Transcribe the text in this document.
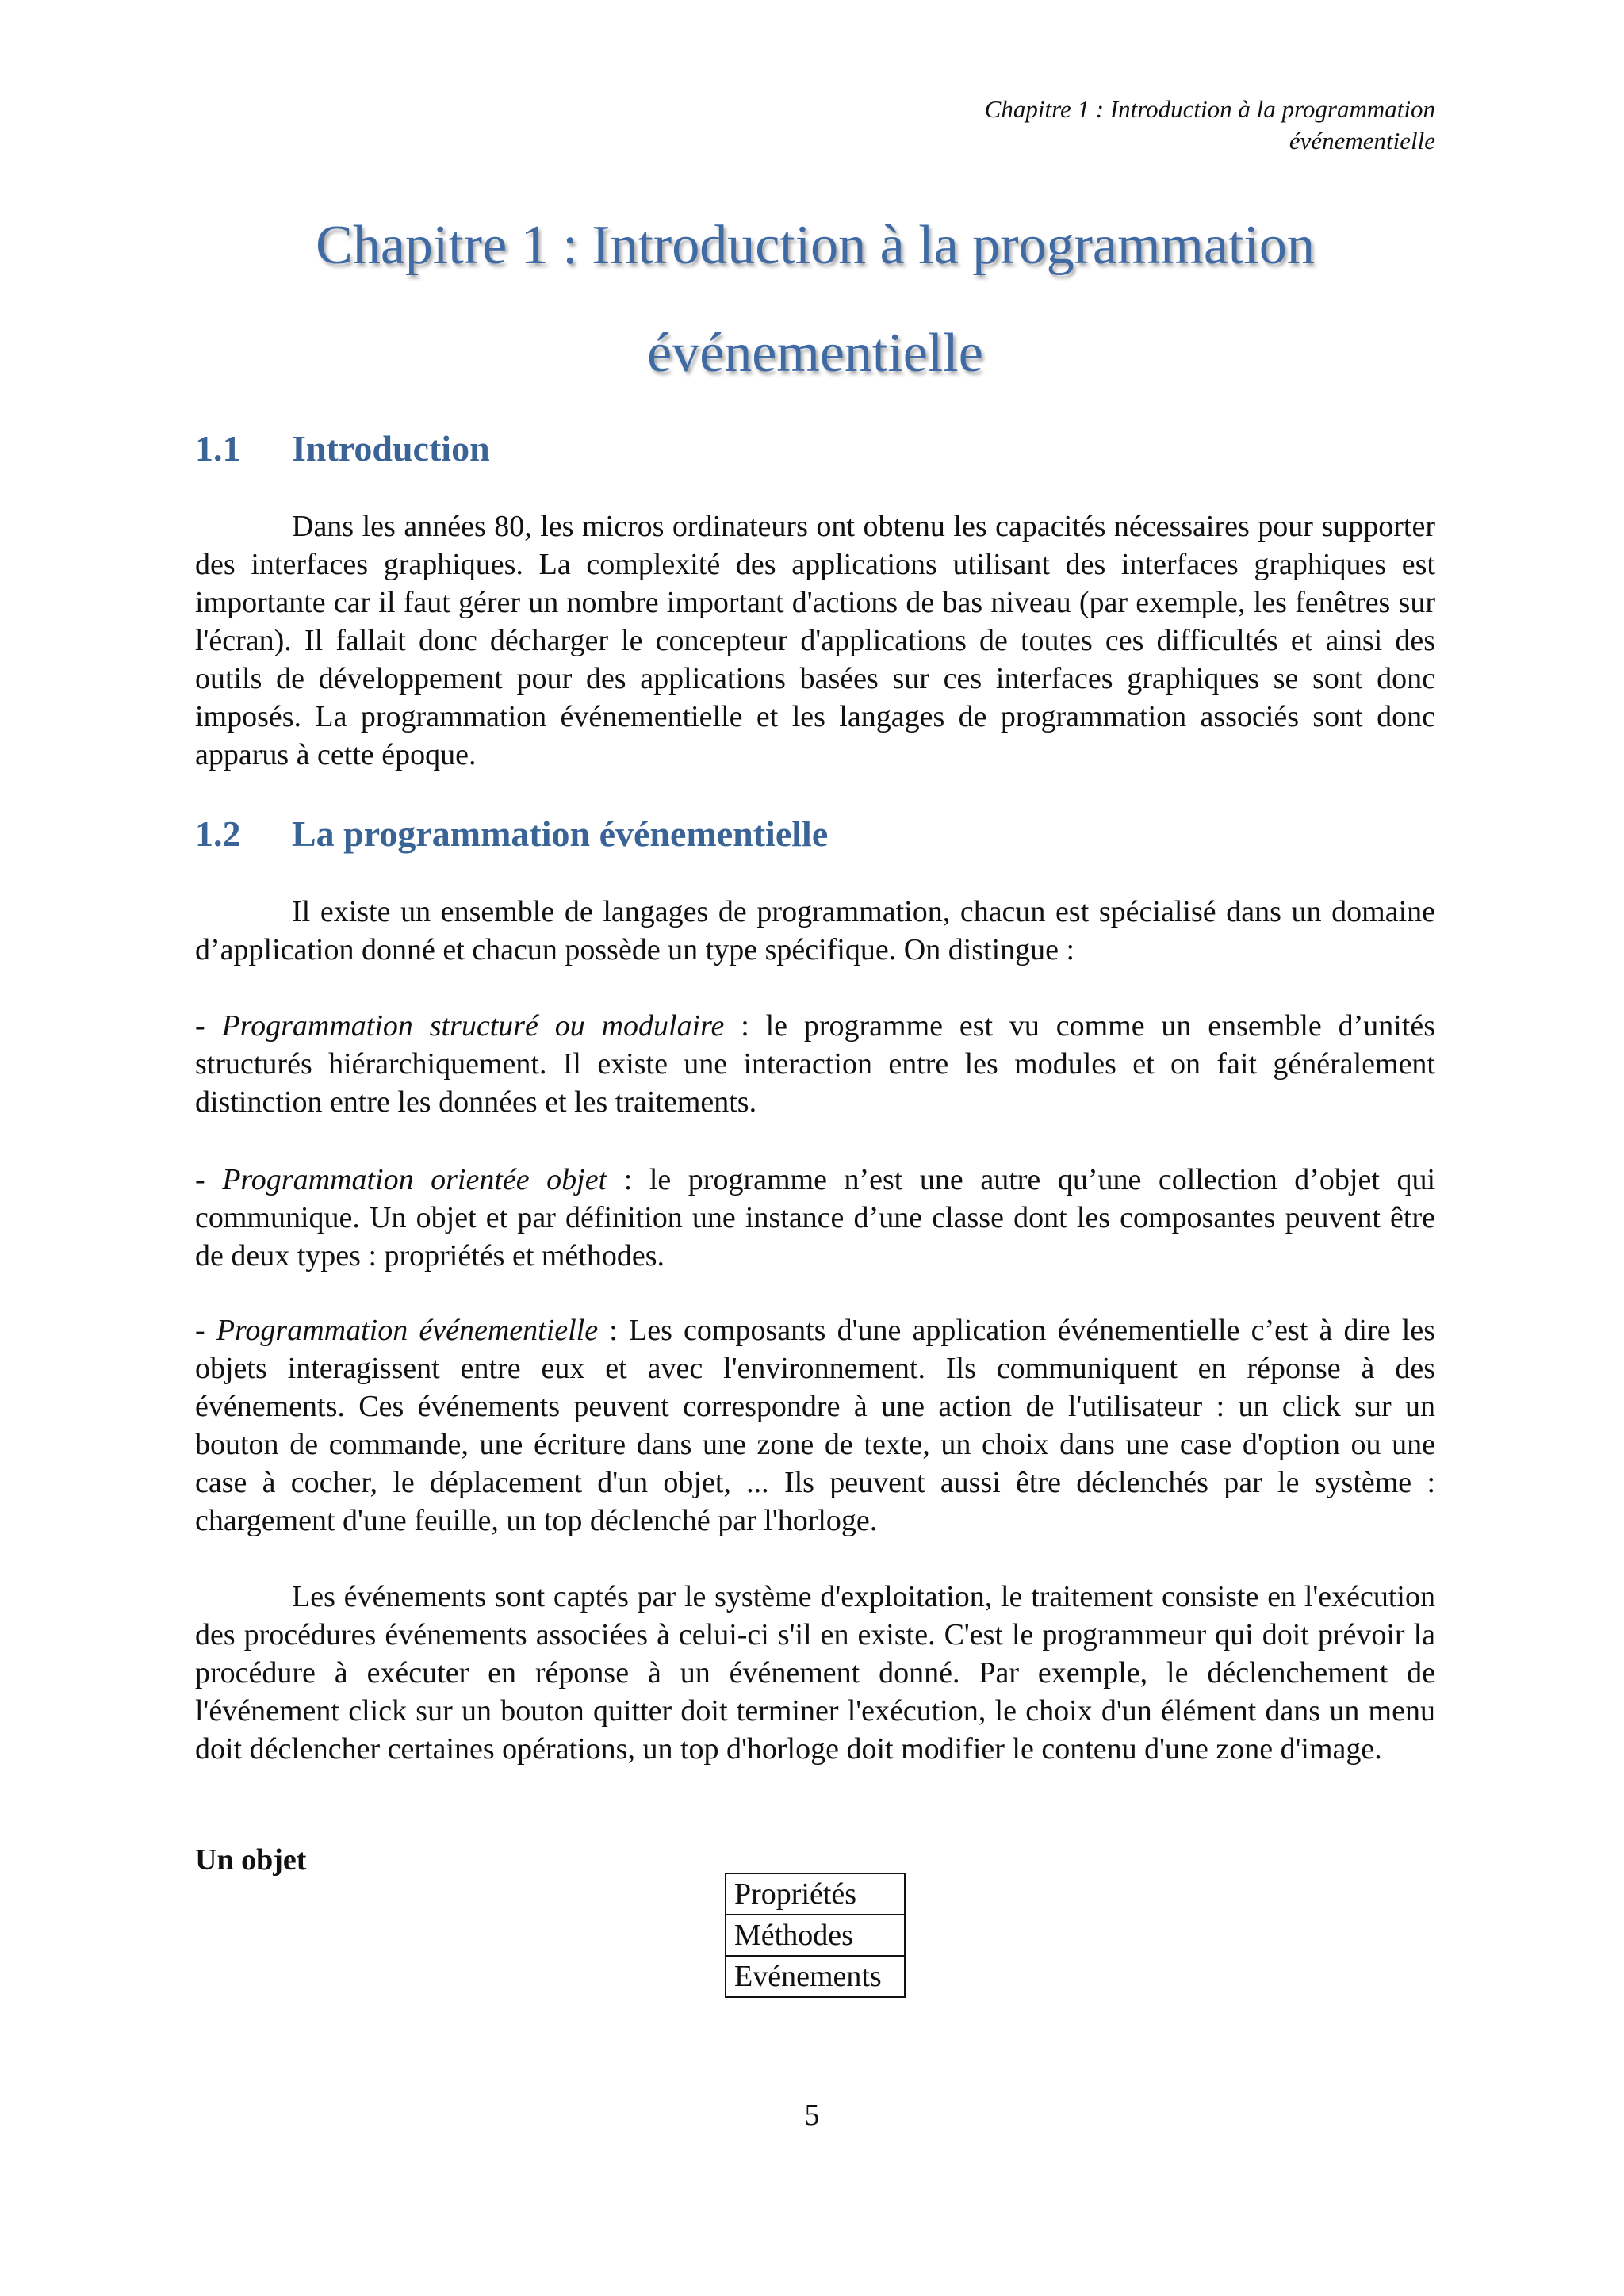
Chapitre 1 : Introduction à la programmation
événementielle
Chapitre 1 : Introduction à la programmation
événementielle
1.1 Introduction

Dans les années 80, les micros ordinateurs ont obtenu les capacités nécessaires pour supporter des interfaces graphiques. La complexité des applications utilisant des interfaces graphiques est importante car il faut gérer un nombre important d'actions de bas niveau (par exemple, les fenêtres sur l'écran). Il fallait donc décharger le concepteur d'applications de toutes ces difficultés et ainsi des outils de développement pour des applications basées sur ces interfaces graphiques se sont donc imposés. La programmation événementielle et les langages de programmation associés sont donc apparus à cette époque.

1.2 La programmation événementielle

Il existe un ensemble de langages de programmation, chacun est spécialisé dans un domaine d’application donné et chacun possède un type spécifique. On distingue :

- Programmation structuré ou modulaire : le programme est vu comme un ensemble d’unités structurés hiérarchiquement. Il existe une interaction entre les modules et on fait généralement distinction entre les données et les traitements.

- Programmation orientée objet : le programme n’est une autre qu’une collection d’objet qui communique. Un objet et par définition une instance d’une classe dont les composantes peuvent être de deux types : propriétés et méthodes.

- Programmation événementielle : Les composants d'une application événementielle c’est à dire les objets interagissent entre eux et avec l'environnement. Ils communiquent en réponse à des événements. Ces événements peuvent correspondre à une action de l'utilisateur : un click sur un bouton de commande, une écriture dans une zone de texte, un choix dans une case d'option ou une case à cocher, le déplacement d'un objet, ... Ils peuvent aussi être déclenchés par le système : chargement d'une feuille, un top déclenché par l'horloge.

Les événements sont captés par le système d'exploitation, le traitement consiste en l'exécution des procédures événements associées à celui-ci s'il en existe. C'est le programmeur qui doit prévoir la procédure à exécuter en réponse à un événement donné. Par exemple, le déclenchement de l'événement click sur un bouton quitter doit terminer l'exécution, le choix d'un élément dans un menu doit déclencher certaines opérations, un top d'horloge doit modifier le contenu d'une zone d'image.

Un objet
Propriétés
Méthodes
Evénements
5
